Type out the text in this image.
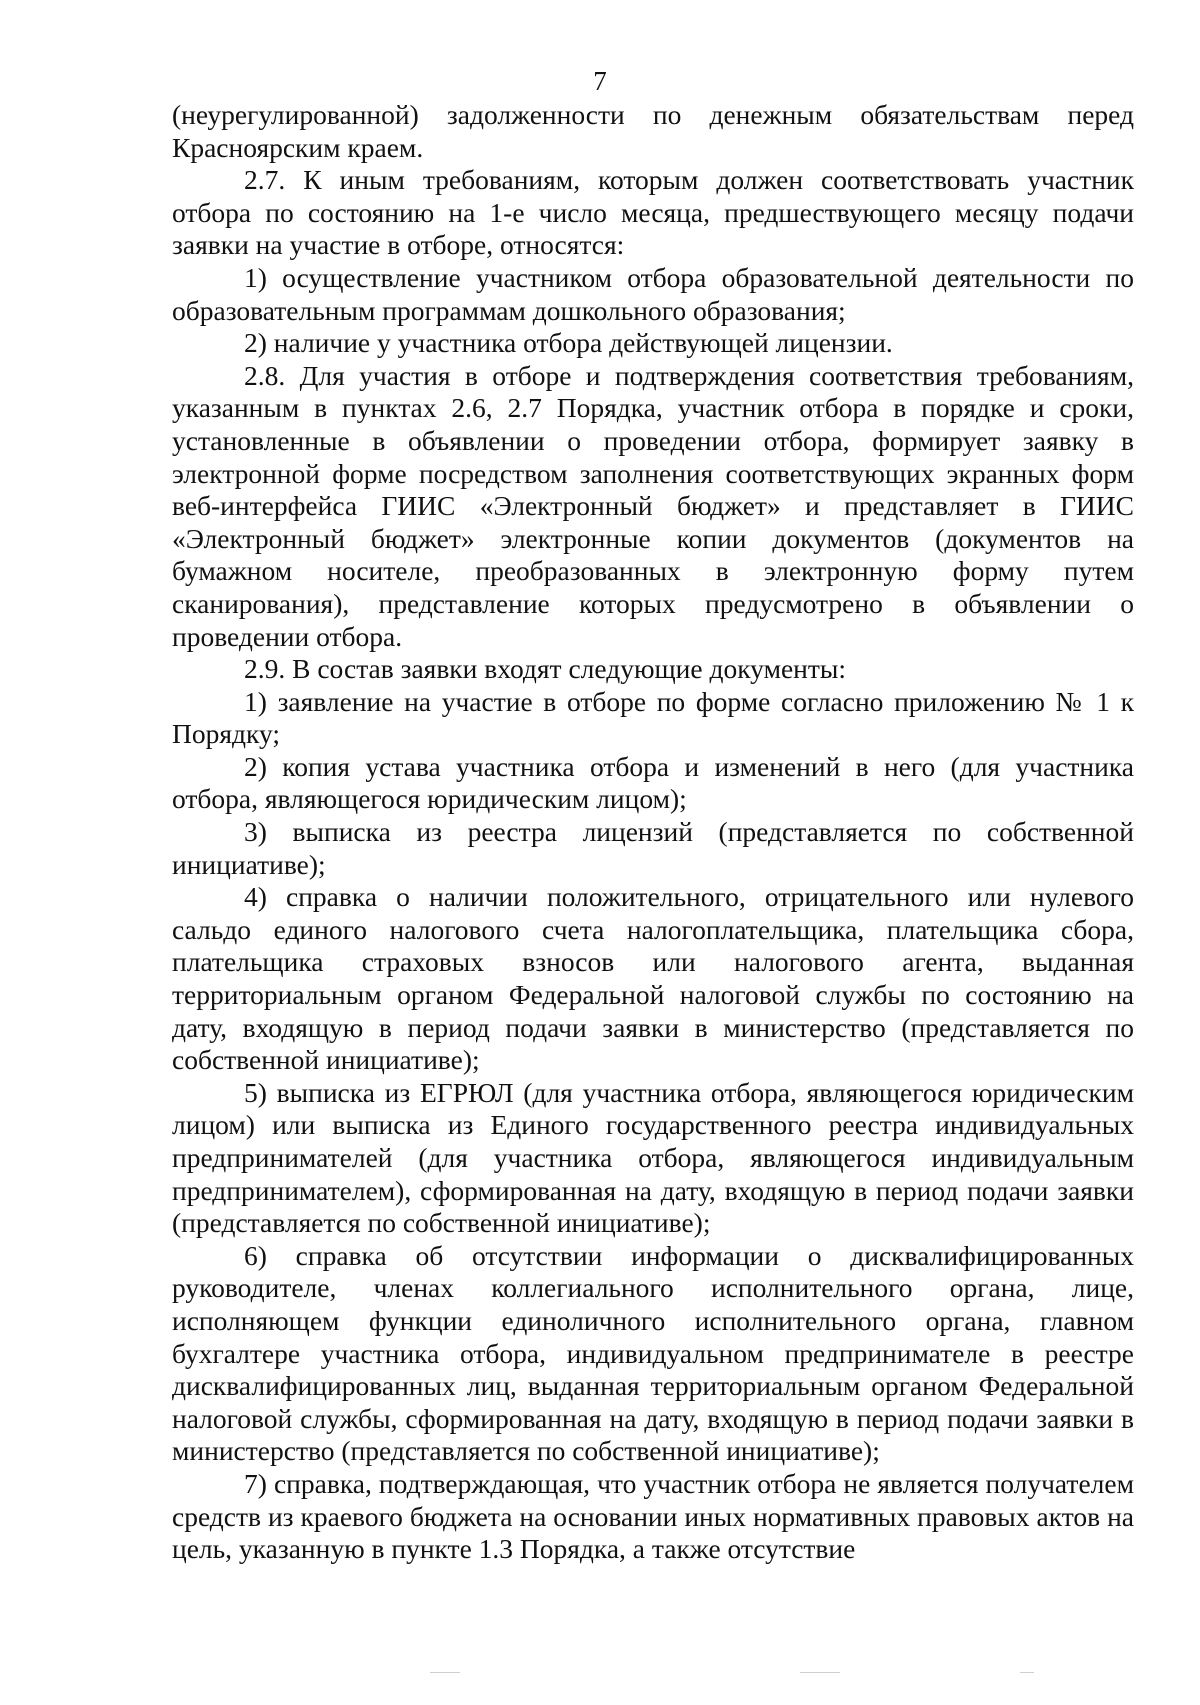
7

(неурегулированной) задолженности по денежным обязательствам перед Красноярским краем.

2.7. К иным требованиям, которым должен соответствовать участник отбора по состоянию на 1-е число месяца, предшествующего месяцу подачи заявки на участие в отборе, относятся:

1) осуществление участником отбора образовательной деятельности по образовательным программам дошкольного образования;

2) наличие у участника отбора действующей лицензии.

2.8. Для участия в отборе и подтверждения соответствия требованиям, указанным в пунктах 2.6, 2.7 Порядка, участник отбора в порядке и сроки, установленные в объявлении о проведении отбора, формирует заявку в электронной форме посредством заполнения соответствующих экранных форм веб-интерфейса ГИИС «Электронный бюджет» и представляет в ГИИС «Электронный бюджет» электронные копии документов (документов на бумажном носителе, преобразованных в электронную форму путем сканирования), представление которых предусмотрено в объявлении о проведении отбора.

2.9. В состав заявки входят следующие документы:

1) заявление на участие в отборе по форме согласно приложению № 1 к Порядку;

2) копия устава участника отбора и изменений в него (для участника отбора, являющегося юридическим лицом);

3) выписка из реестра лицензий (представляется по собственной инициативе);

4) справка о наличии положительного, отрицательного или нулевого сальдо единого налогового счета налогоплательщика, плательщика сбора, плательщика страховых взносов или налогового агента, выданная территориальным органом Федеральной налоговой службы по состоянию на дату, входящую в период подачи заявки в министерство (представляется по собственной инициативе);

5) выписка из ЕГРЮЛ (для участника отбора, являющегося юридическим лицом) или выписка из Единого государственного реестра индивидуальных предпринимателей (для участника отбора, являющегося индивидуальным предпринимателем), сформированная на дату, входящую в период подачи заявки (представляется по собственной инициативе);

6) справка об отсутствии информации о дисквалифицированных руководителе, членах коллегиального исполнительного органа, лице, исполняющем функции единоличного исполнительного органа, главном бухгалтере участника отбора, индивидуальном предпринимателе в реестре дисквалифицированных лиц, выданная территориальным органом Федеральной налоговой службы, сформированная на дату, входящую в период подачи заявки в министерство (представляется по собственной инициативе);

7) справка, подтверждающая, что участник отбора не является получателем средств из краевого бюджета на основании иных нормативных правовых актов на цель, указанную в пункте 1.3 Порядка, а также отсутствие
